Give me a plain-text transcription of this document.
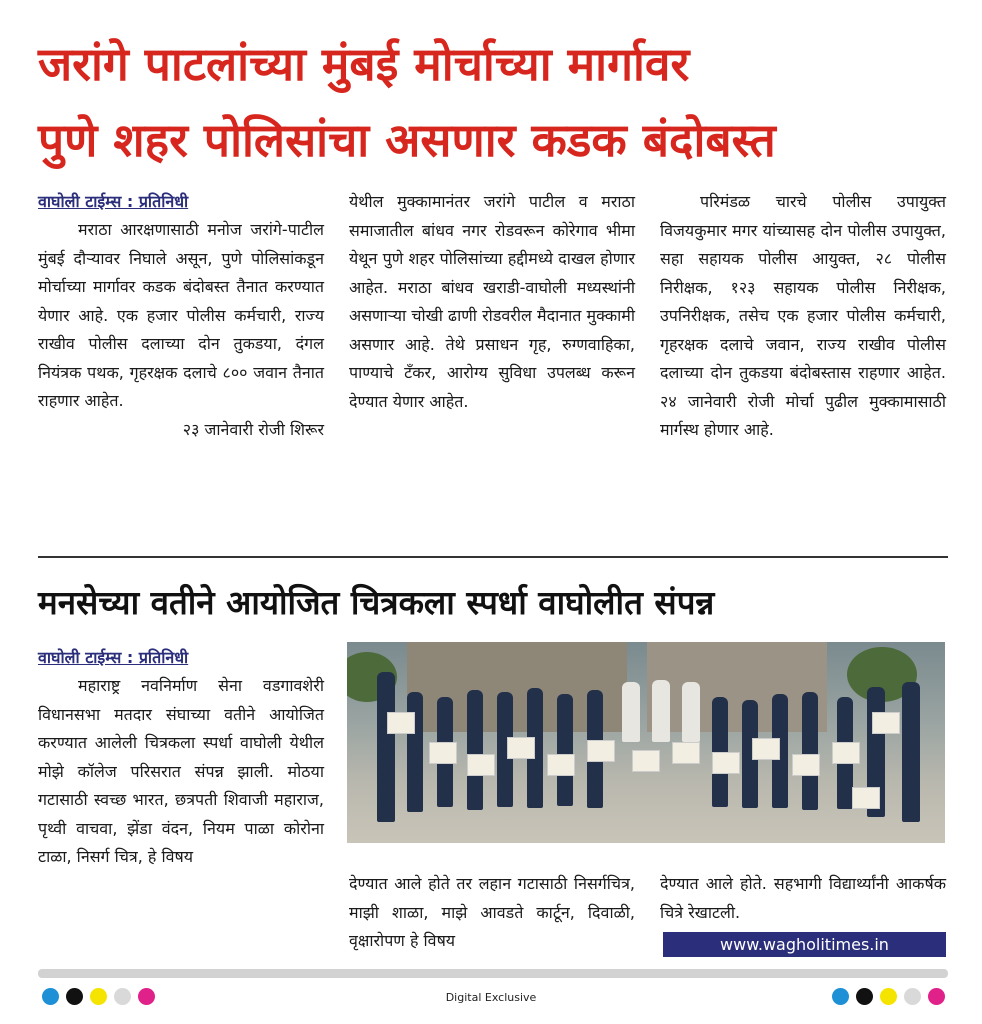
जरांगे पाटलांच्या मुंबई मोर्चाच्या मार्गावर
पुणे शहर पोलिसांचा असणार कडक बंदोबस्त

वाघोली टाईम्स : प्रतिनिधी

मराठा आरक्षणासाठी मनोज जरांगे-पाटील मुंबई दौऱ्यावर निघाले असून, पुणे पोलिसांकडून मोर्चाच्या मार्गावर कडक बंदोबस्त तैनात करण्यात येणार आहे. एक हजार पोलीस कर्मचारी, राज्य राखीव पोलीस दलाच्या दोन तुकडया, दंगल नियंत्रक पथक, गृहरक्षक दलाचे ८०० जवान तैनात राहणार आहेत.

२३ जानेवारी रोजी शिरूर

येथील मुक्कामानंतर जरांगे पाटील व मराठा समाजातील बांधव नगर रोडवरून कोरेगाव भीमा येथून पुणे शहर पोलिसांच्या हद्दीमध्ये दाखल होणार आहेत. मराठा बांधव खराडी-वाघोली मध्यस्थांनी असणाऱ्या चोखी ढाणी रोडवरील मैदानात मुक्कामी असणार आहे. तेथे प्रसाधन गृह, रुग्णवाहिका, पाण्याचे टँकर, आरोग्य सुविधा उपलब्ध करून देण्यात येणार आहेत.

परिमंडळ चारचे पोलीस उपायुक्त विजयकुमार मगर यांच्यासह दोन पोलीस उपायुक्त, सहा सहायक पोलीस आयुक्त, २८ पोलीस निरीक्षक, १२३ सहायक पोलीस निरीक्षक, उपनिरीक्षक, तसेच एक हजार पोलीस कर्मचारी, गृहरक्षक दलाचे जवान, राज्य राखीव पोलीस दलाच्या दोन तुकडया बंदोबस्तास राहणार आहेत. २४ जानेवारी रोजी मोर्चा पुढील मुक्कामासाठी मार्गस्थ होणार आहे.

मनसेच्या वतीने आयोजित चित्रकला स्पर्धा वाघोलीत संपन्न

वाघोली टाईम्स : प्रतिनिधी

महाराष्ट्र नवनिर्माण सेना वडगावशेरी विधानसभा मतदार संघाच्या वतीने आयोजित करण्यात आलेली चित्रकला स्पर्धा वाघोली येथील मोझे कॉलेज परिसरात संपन्न झाली. मोठया गटासाठी स्वच्छ भारत, छत्रपती शिवाजी महाराज, पृथ्वी वाचवा, झेंडा वंदन, नियम पाळा कोरोना टाळा, निसर्ग चित्र, हे विषय

देण्यात आले होते तर लहान गटासाठी निसर्गचित्र, माझी शाळा, माझे आवडते कार्टून, दिवाळी, वृक्षारोपण हे विषय

देण्यात आले होते. सहभागी विद्यार्थ्यांनी आकर्षक चित्रे रेखाटली.

www.wagholitimes.in
Digital Exclusive
